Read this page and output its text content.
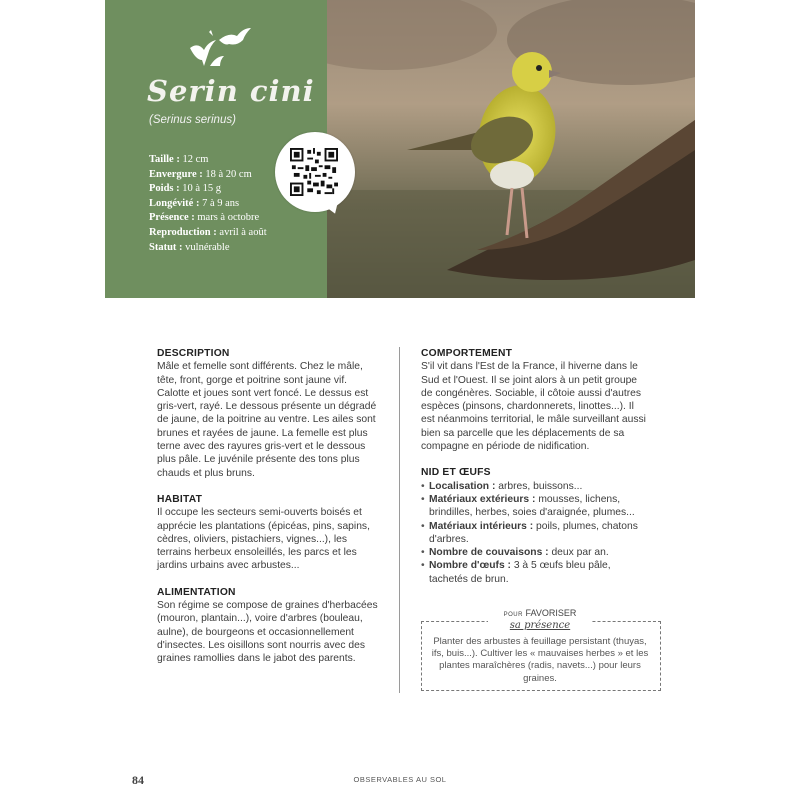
Serin cini
(Serinus serinus)
Taille : 12 cm
Envergure : 18 à 20 cm
Poids : 10 à 15 g
Longévité : 7 à 9 ans
Présence : mars à octobre
Reproduction : avril à août
Statut : vulnérable
DESCRIPTION

Mâle et femelle sont différents. Chez le mâle, tête, front, gorge et poitrine sont jaune vif. Calotte et joues sont vert foncé. Le dessus est gris-vert, rayé. Le dessous présente un dégradé de jaune, de la poitrine au ventre. Les ailes sont brunes et rayées de jaune. La femelle est plus terne avec des rayures gris-vert et le dessous plus pâle. Le juvénile présente des tons plus chauds et plus bruns.

HABITAT

Il occupe les secteurs semi-ouverts boisés et apprécie les plantations (épicéas, pins, sapins, cèdres, oliviers, pistachiers, vignes...), les terrains herbeux ensoleillés, les parcs et les jardins urbains avec arbustes...

ALIMENTATION

Son régime se compose de graines d'herbacées (mouron, plantain...), voire d'arbres (bouleau, aulne), de bourgeons et occasionnellement d'insectes. Les oisillons sont nourris avec des graines ramollies dans le jabot des parents.

COMPORTEMENT

S'il vit dans l'Est de la France, il hiverne dans le Sud et l'Ouest. Il se joint alors à un petit groupe de congénères. Sociable, il côtoie aussi d'autres espèces (pinsons, chardonnerets, linottes...). Il est néanmoins territorial, le mâle surveillant aussi bien sa parcelle que les déplacements de sa compagne en période de nidification.

NID ET ŒUFS
• Localisation : arbres, buissons...
• Matériaux extérieurs : mousses, lichens, brindilles, herbes, soies d'araignée, plumes...
• Matériaux intérieurs : poils, plumes, chatons d'arbres.
• Nombre de couvaisons : deux par an.
• Nombre d'œufs : 3 à 5 œufs bleu pâle, tachetés de brun.
POUR FAVORISER
sa présence
Planter des arbustes à feuillage persistant (thuyas, ifs, buis...). Cultiver les « mauvaises herbes » et les plantes maraîchères (radis, navets...) pour leurs graines.
84	OBSERVABLES AU SOL
